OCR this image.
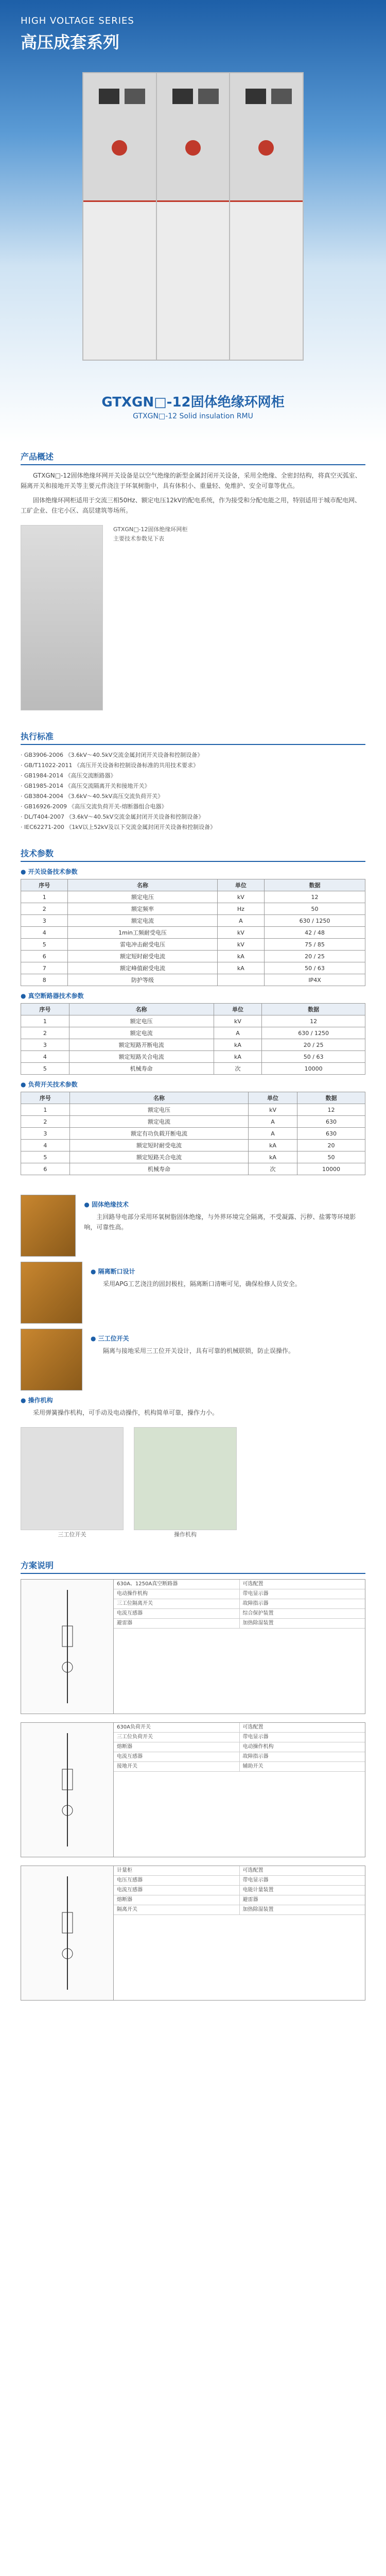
HIGH VOLTAGE SERIES
高压成套系列
GTXGN□-12固体绝缘环网柜
GTXGN□-12 Solid insulation RMU
产品概述

GTXGN□-12固体绝缘环网开关设备是以空气绝缘的新型金属封闭开关设备，采用全绝缘、全密封结构，将真空灭弧室、隔离开关和接地开关等主要元件浇注于环氧树脂中，具有体积小、重量轻、免维护、安全可靠等优点。

固体绝缘环网柜适用于交流三相50Hz、额定电压12kV的配电系统，作为接受和分配电能之用，特别适用于城市配电网、工矿企业、住宅小区、高层建筑等场所。

GTXGN□-12固体绝缘环网柜
主要技术参数见下表
执行标准
· GB3906-2006 《3.6kV～40.5kV交流金属封闭开关设备和控制设备》
· GB/T11022-2011 《高压开关设备和控制设备标准的共用技术要求》
· GB1984-2014 《高压交流断路器》
· GB1985-2014 《高压交流隔离开关和接地开关》
· GB3804-2004 《3.6kV～40.5kV高压交流负荷开关》
· GB16926-2009 《高压交流负荷开关-熔断器组合电器》
· DL/T404-2007 《3.6kV～40.5kV交流金属封闭开关设备和控制设备》
· IEC62271-200 《1kV以上52kV及以下交流金属封闭开关设备和控制设备》
技术参数
● 开关设备技术参数
序号	名称	单位	数据
1	额定电压	kV	12
2	额定频率	Hz	50
3	额定电流	A	630 / 1250
4	1min工频耐受电压	kV	42 / 48
5	雷电冲击耐受电压	kV	75 / 85
6	额定短时耐受电流	kA	20 / 25
7	额定峰值耐受电流	kA	50 / 63
8	防护等级		IP4X
● 真空断路器技术参数
序号	名称	单位	数据
1	额定电压	kV	12
2	额定电流	A	630 / 1250
3	额定短路开断电流	kA	20 / 25
4	额定短路关合电流	kA	50 / 63
5	机械寿命	次	10000
● 负荷开关技术参数
序号	名称	单位	数据
1	额定电压	kV	12
2	额定电流	A	630
3	额定有功负载开断电流	A	630
4	额定短时耐受电流	kA	20
5	额定短路关合电流	kA	50
6	机械寿命	次	10000
● 固体绝缘技术

主回路导电部分采用环氧树脂固体绝缘，与外界环境完全隔离，不受凝露、污秽、盐雾等环境影响，可靠性高。

● 隔离断口设计

采用APG工艺浇注的固封极柱，隔离断口清晰可见，确保检修人员安全。

● 三工位开关

隔离与接地采用三工位开关设计，具有可靠的机械联锁，防止误操作。

● 操作机构

采用弹簧操作机构，可手动及电动操作，机构简单可靠，操作力小。

三工位开关	操作机构
方案说明
630A、1250A真空断路器	可选配置
电动操作机构	带电显示器
三工位隔离开关	故障指示器
电流互感器	综合保护装置
避雷器	加热除湿装置
630A负荷开关	可选配置
三工位负荷开关	带电显示器
熔断器	电动操作机构
电流互感器	故障指示器
接地开关	辅助开关
计量柜	可选配置
电压互感器	带电显示器
电流互感器	电能计量装置
熔断器	避雷器
隔离开关	加热除湿装置
